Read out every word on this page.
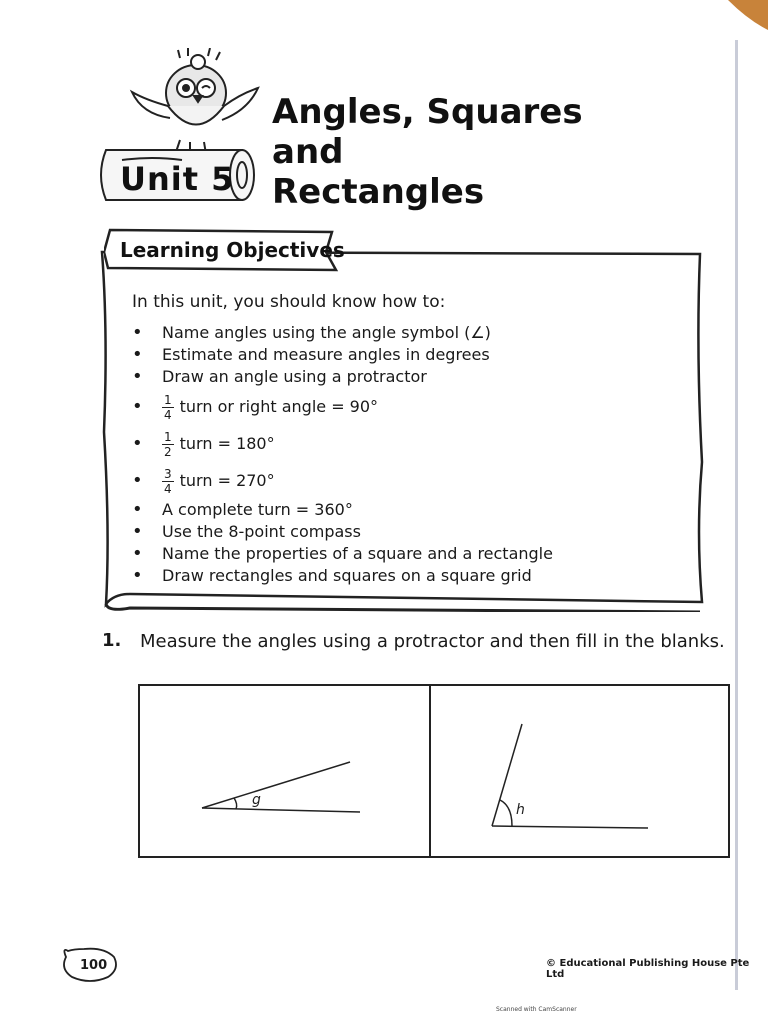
Unit 5
Angles, Squares and
Rectangles
Learning Objectives
In this unit, you should know how to:
• Name angles using the angle symbol (∠)
• Estimate and measure angles in degrees
• Draw an angle using a protractor
• $\frac{1}{4}$ turn or right angle = 90°
• $\frac{1}{2}$ turn = 180°
• $\frac{3}{4}$ turn = 270°
• A complete turn = 360°
• Use the 8-point compass
• Name the properties of a square and a rectangle
• Draw rectangles and squares on a square grid
1. Measure the angles using a protractor and then fill in the blanks.
g
h
100	© Educational Publishing House Pte Ltd
Scanned with CamScanner
